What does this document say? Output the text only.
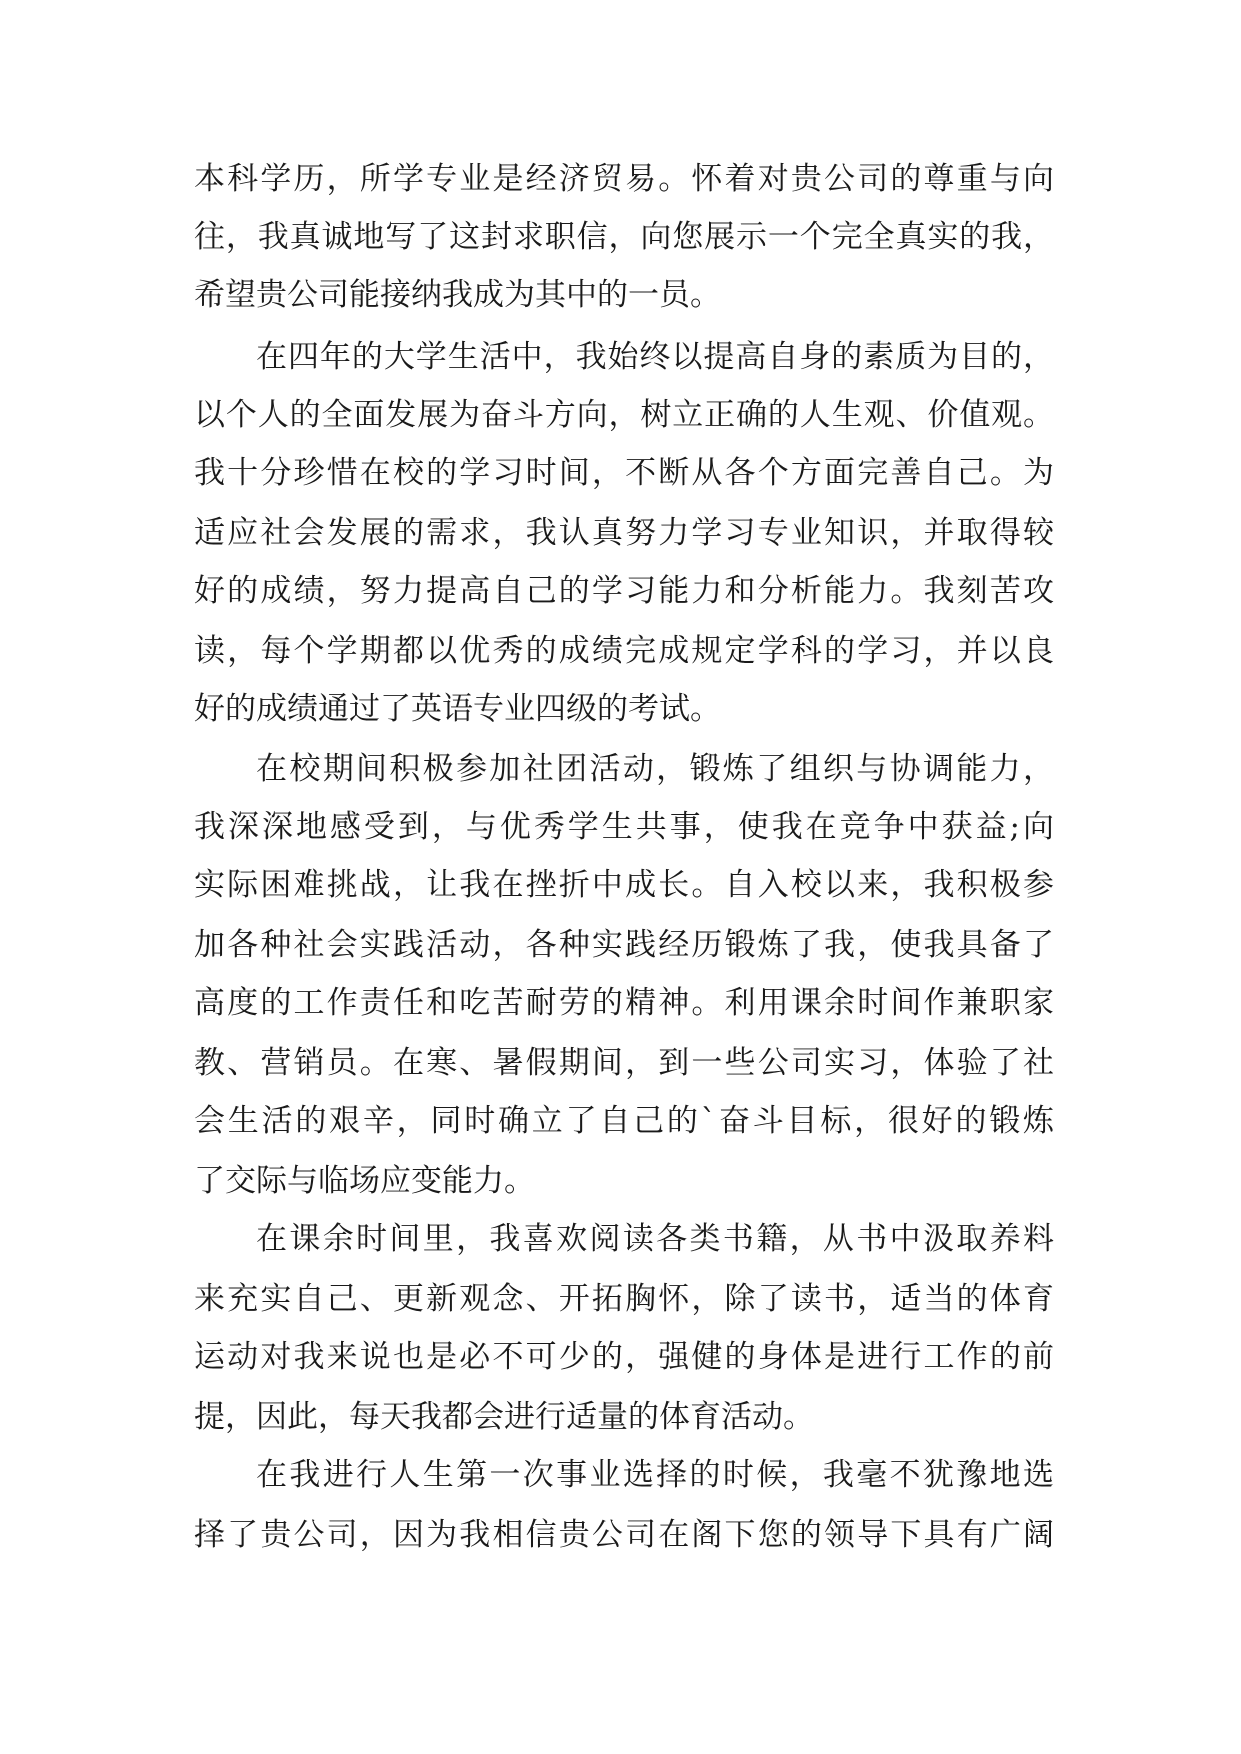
本科学历，所学专业是经济贸易。怀着对贵公司的尊重与向
往，我真诚地写了这封求职信，向您展示一个完全真实的我，
希望贵公司能接纳我成为其中的一员。
在四年的大学生活中，我始终以提高自身的素质为目的，
以个人的全面发展为奋斗方向，树立正确的人生观、价值观。
我十分珍惜在校的学习时间，不断从各个方面完善自己。为
适应社会发展的需求，我认真努力学习专业知识，并取得较
好的成绩，努力提高自己的学习能力和分析能力。我刻苦攻
读，每个学期都以优秀的成绩完成规定学科的学习，并以良
好的成绩通过了英语专业四级的考试。
在校期间积极参加社团活动，锻炼了组织与协调能力，
我深深地感受到，与优秀学生共事，使我在竞争中获益;向
实际困难挑战，让我在挫折中成长。自入校以来，我积极参
加各种社会实践活动，各种实践经历锻炼了我，使我具备了
高度的工作责任和吃苦耐劳的精神。利用课余时间作兼职家
教、营销员。在寒、暑假期间，到一些公司实习，体验了社
会生活的艰辛，同时确立了自己的`奋斗目标，很好的锻炼
了交际与临场应变能力。
在课余时间里，我喜欢阅读各类书籍，从书中汲取养料
来充实自己、更新观念、开拓胸怀，除了读书，适当的体育
运动对我来说也是必不可少的，强健的身体是进行工作的前
提，因此，每天我都会进行适量的体育活动。
在我进行人生第一次事业选择的时候，我毫不犹豫地选
择了贵公司，因为我相信贵公司在阁下您的领导下具有广阔
